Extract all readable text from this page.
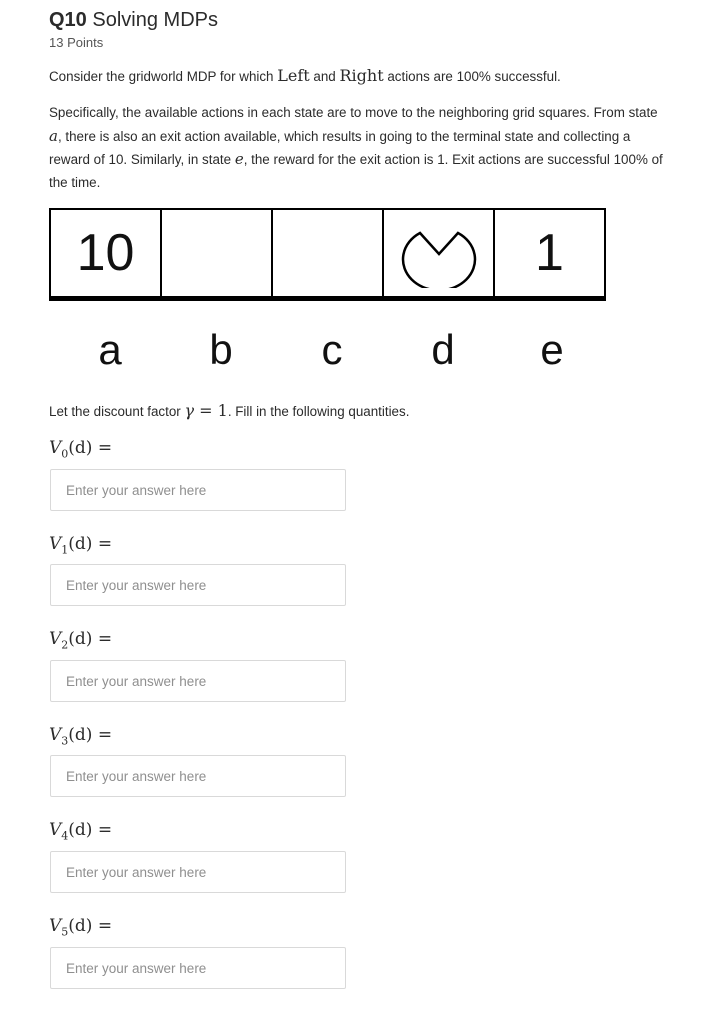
Q10 Solving MDPs
13 Points
Consider the gridworld MDP for which Left and Right actions are 100% successful.
Specifically, the available actions in each state are to move to the neighboring grid squares. From state a, there is also an exit action available, which results in going to the terminal state and collecting a reward of 10. Similarly, in state e, the reward for the exit action is 1. Exit actions are successful 100% of the time.
10	1
a	b	c	d	e
Let the discount factor γ = 1. Fill in the following quantities.
$V_0(d)$ =
Enter your answer here
$V_1(d)$ =
Enter your answer here
$V_2(d)$ =
Enter your answer here
$V_3(d)$ =
Enter your answer here
$V_4(d)$ =
Enter your answer here
$V_5(d)$ =
Enter your answer here
